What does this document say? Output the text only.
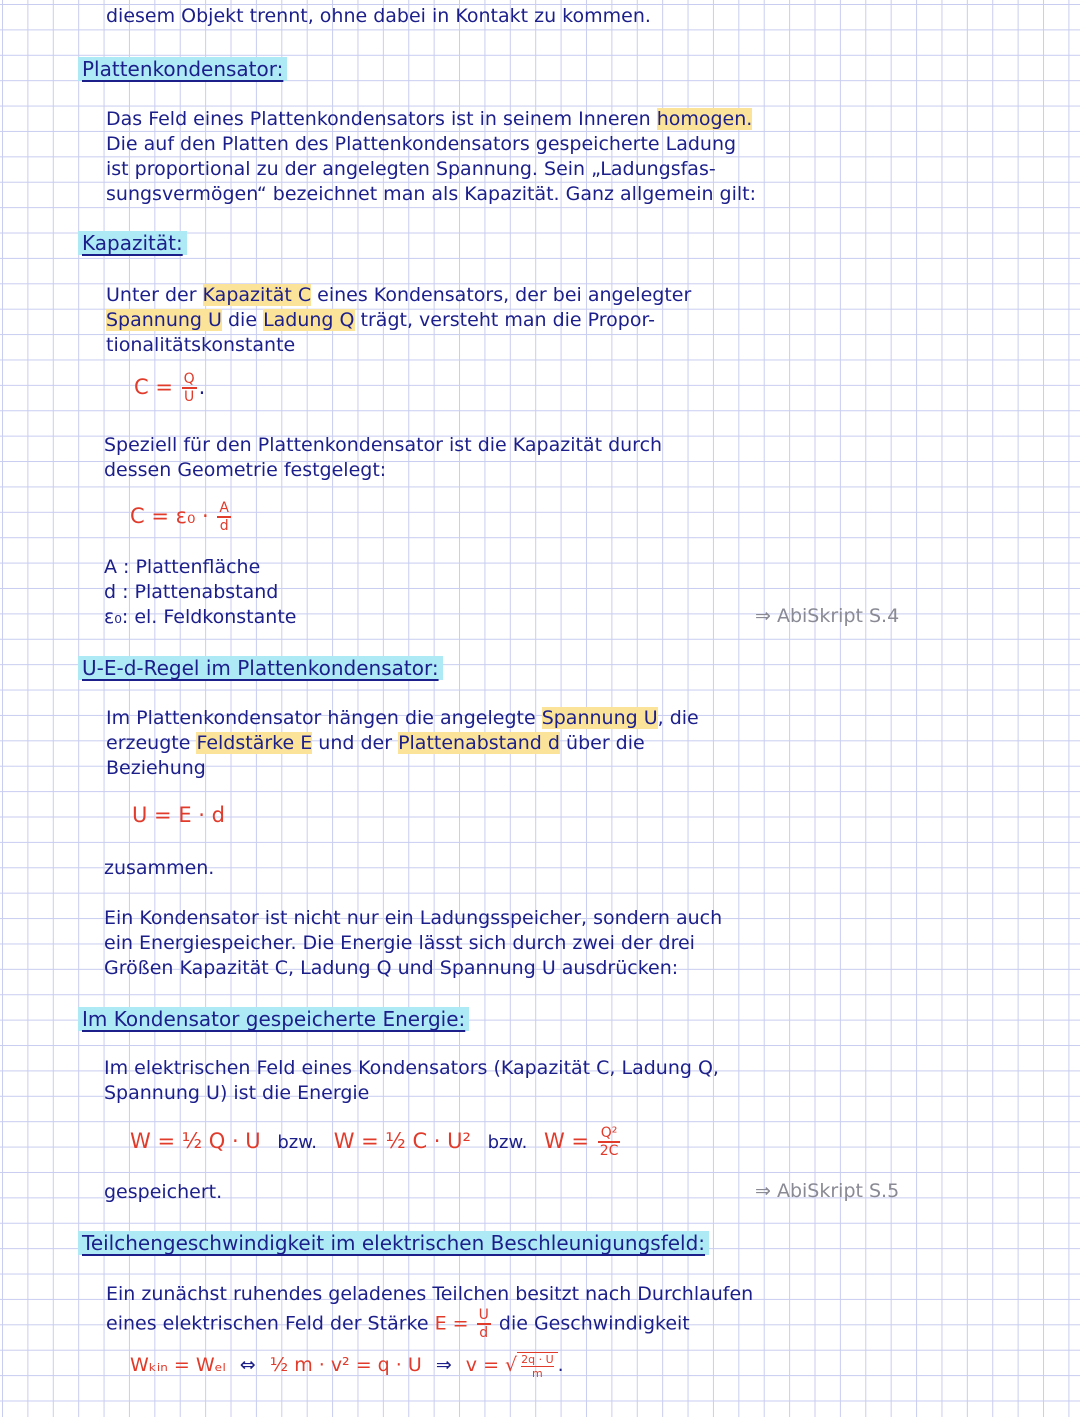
diesem Objekt trennt, ohne dabei in Kontakt zu kommen.
Plattenkondensator:
Das Feld eines Plattenkondensators ist in seinem Inneren homogen.
Die auf den Platten des Plattenkondensators gespeicherte Ladung
ist proportional zu der angelegten Spannung. Sein „Ladungsfas-
sungsvermögen“ bezeichnet man als Kapazität. Ganz allgemein gilt:
Kapazität:
Unter der Kapazität C eines Kondensators, der bei angelegter
Spannung U die Ladung Q trägt, versteht man die Propor-
tionalitätskonstante
$C = \frac{Q}{U}$ .
Speziell für den Plattenkondensator ist die Kapazität durch
dessen Geometrie festgelegt:
$C = \varepsilon_0 \cdot \frac{A}{d}$
A : Plattenfläche
d : Plattenabstand
ε₀: el. Feldkonstante	⇒ AbiSkript S.4
U-E-d-Regel im Plattenkondensator:
Im Plattenkondensator hängen die angelegte Spannung U, die
erzeugte Feldstärke E und der Plattenabstand d über die
Beziehung
U = E · d
zusammen.
Ein Kondensator ist nicht nur ein Ladungsspeicher, sondern auch
ein Energiespeicher. Die Energie lässt sich durch zwei der drei
Größen Kapazität C, Ladung Q und Spannung U ausdrücken:
Im Kondensator gespeicherte Energie:
Im elektrischen Feld eines Kondensators (Kapazität C, Ladung Q,
Spannung U) ist die Energie
W = ½ Q · U bzw. W = ½ C · U² bzw. $W = \frac{\text{Q²}}{2C}$
gespeichert.	⇒ AbiSkript S.5
Teilchengeschwindigkeit im elektrischen Beschleunigungsfeld:
Ein zunächst ruhendes geladenes Teilchen besitzt nach Durchlaufen
eines elektrischen Feld der Stärke $E = \frac{U}{d}$ die Geschwindigkeit
Wₖᵢₙ = Wₑₗ ⇔ ½ m · v² = q · U ⇒ v = √ $\frac{2q \cdot U}{m}$ .
